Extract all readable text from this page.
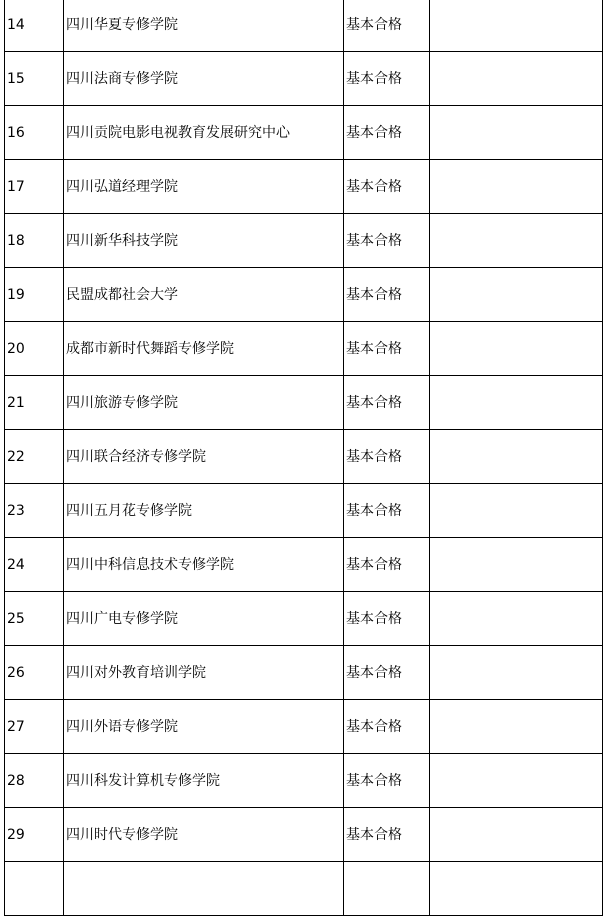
14	四川华夏专修学院	基本合格	
15	四川法商专修学院	基本合格	
16	四川贡院电影电视教育发展研究中心	基本合格	
17	四川弘道经理学院	基本合格	
18	四川新华科技学院	基本合格	
19	民盟成都社会大学	基本合格	
20	成都市新时代舞蹈专修学院	基本合格	
21	四川旅游专修学院	基本合格	
22	四川联合经济专修学院	基本合格	
23	四川五月花专修学院	基本合格	
24	四川中科信息技术专修学院	基本合格	
25	四川广电专修学院	基本合格	
26	四川对外教育培训学院	基本合格	
27	四川外语专修学院	基本合格	
28	四川科发计算机专修学院	基本合格	
29	四川时代专修学院	基本合格	
